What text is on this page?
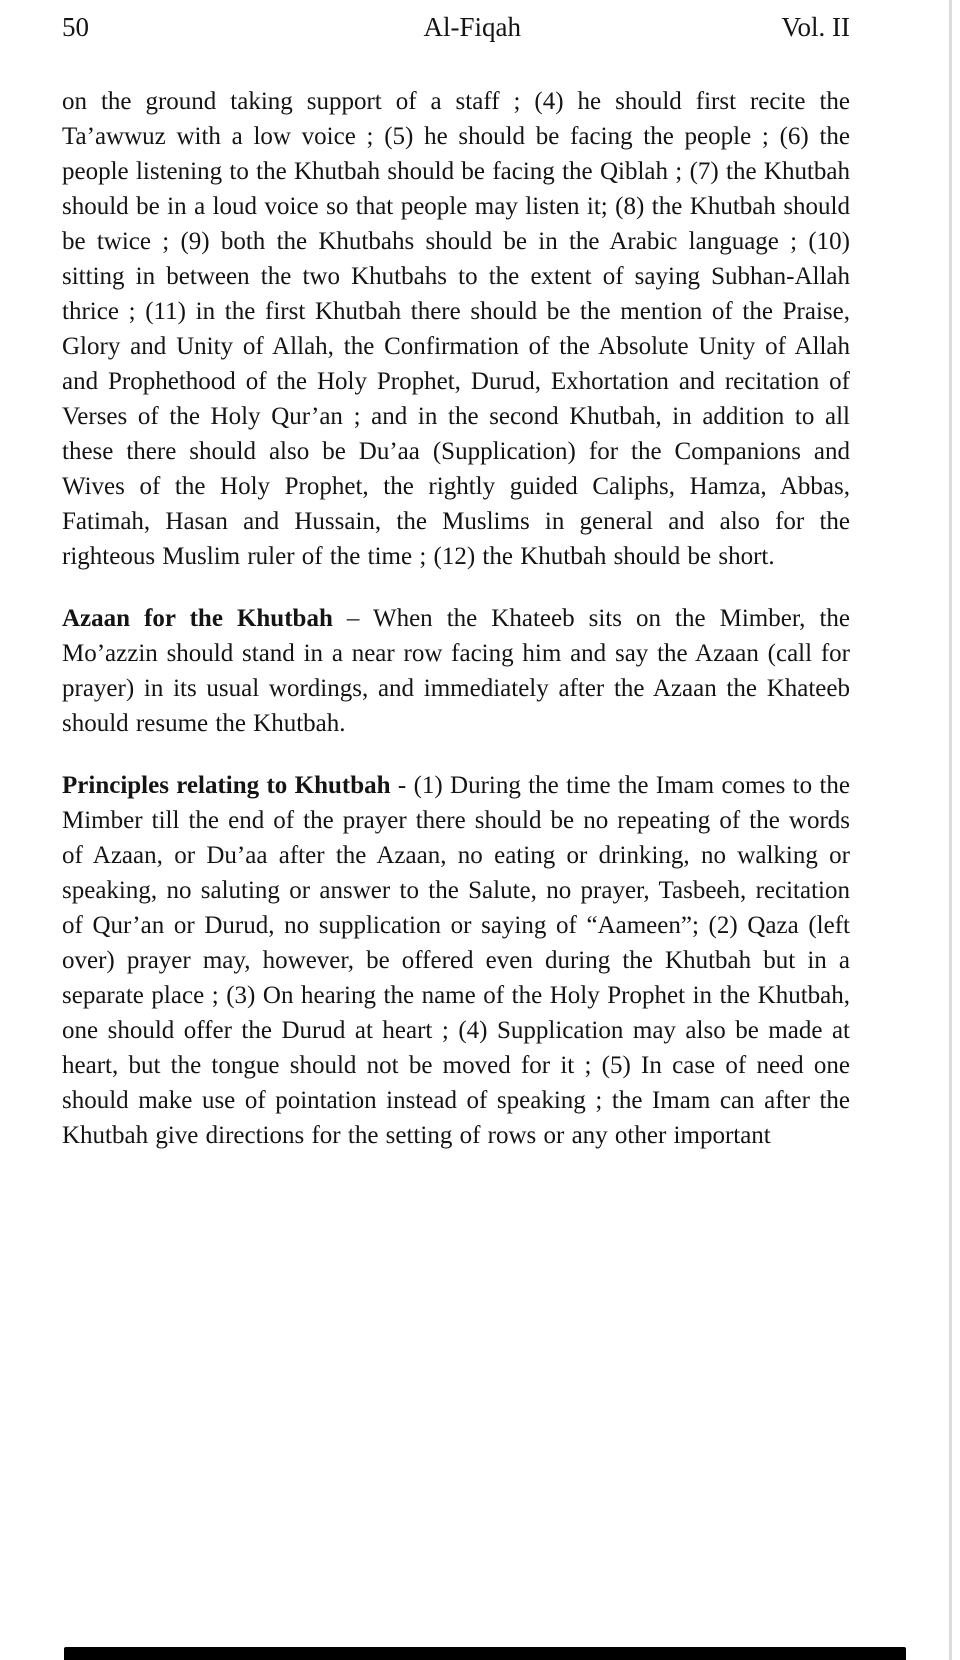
50	Al-Fiqah	Vol. II

on the ground taking support of a staff ; (4) he should first recite the Ta’awwuz with a low voice ; (5) he should be facing the people ; (6) the people listening to the Khutbah should be facing the Qiblah ; (7) the Khutbah should be in a loud voice so that people may listen it; (8) the Khutbah should be twice ; (9) both the Khutbahs should be in the Arabic language ; (10) sitting in between the two Khutbahs to the extent of saying Subhan-Allah thrice ; (11) in the first Khutbah there should be the mention of the Praise, Glory and Unity of Allah, the Confirmation of the Absolute Unity of Allah and Prophethood of the Holy Prophet, Durud, Exhortation and recitation of Verses of the Holy Qur’an ; and in the second Khutbah, in addition to all these there should also be Du’aa (Supplication) for the Companions and Wives of the Holy Prophet, the rightly guided Caliphs, Hamza, Abbas, Fatimah, Hasan and Hussain, the Muslims in general and also for the righteous Muslim ruler of the time ; (12) the Khutbah should be short.

Azaan for the Khutbah – When the Khateeb sits on the Mimber, the Mo’azzin should stand in a near row facing him and say the Azaan (call for prayer) in its usual wordings, and immediately after the Azaan the Khateeb should resume the Khutbah.

Principles relating to Khutbah - (1) During the time the Imam comes to the Mimber till the end of the prayer there should be no repeating of the words of Azaan, or Du’aa after the Azaan, no eating or drinking, no walking or speaking, no saluting or answer to the Salute, no prayer, Tasbeeh, recitation of Qur’an or Durud, no supplication or saying of “Aameen”; (2) Qaza (left over) prayer may, however, be offered even during the Khutbah but in a separate place ; (3) On hearing the name of the Holy Prophet in the Khutbah, one should offer the Durud at heart ; (4) Supplication may also be made at heart, but the tongue should not be moved for it ; (5) In case of need one should make use of pointation instead of speaking ; the Imam can after the Khutbah give directions for the setting of rows or any other important
